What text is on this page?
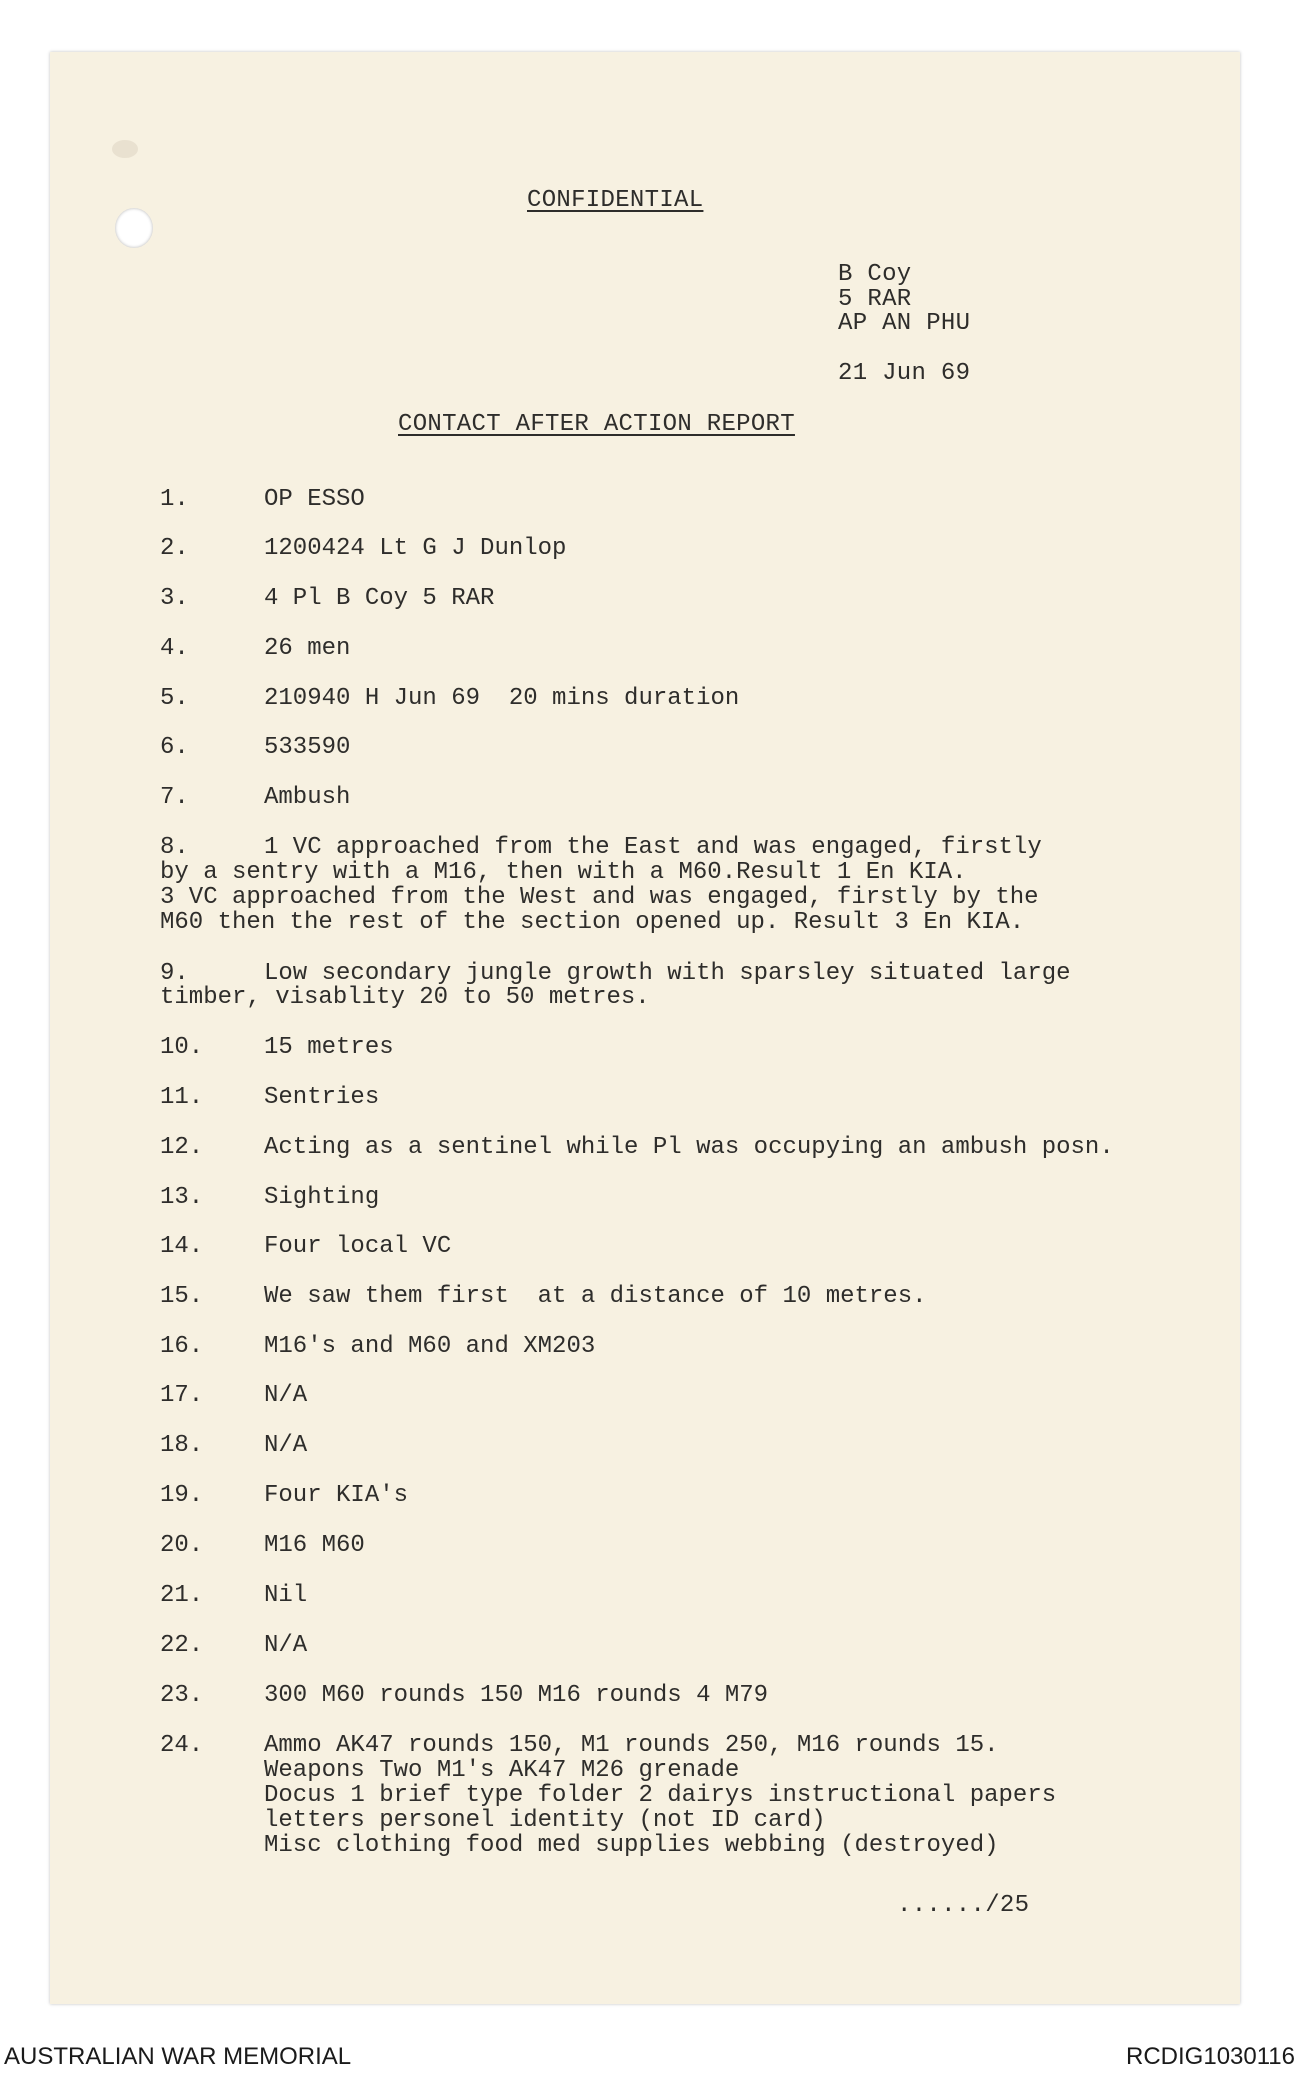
CONFIDENTIAL
B Coy
5 RAR
AP AN PHU
21 Jun 69
CONTACT AFTER ACTION REPORT
1.	OP ESSO
2.	1200424 Lt G J Dunlop
3.	4 Pl B Coy 5 RAR
4.	26 men
5.	210940 H Jun 69  20 mins duration
6.	533590
7.	Ambush
8.	1 VC approached from the East and was engaged, firstly
by a sentry with a M16, then with a M60.Result 1 En KIA.
3 VC approached from the West and was engaged, firstly by the
M60 then the rest of the section opened up. Result 3 En KIA.
9.	Low secondary jungle growth with sparsley situated large
timber, visablity 20 to 50 metres.
10.	15 metres
11.	Sentries
12.	Acting as a sentinel while Pl was occupying an ambush posn.
13.	Sighting
14.	Four local VC
15.	We saw them first  at a distance of 10 metres.
16.	M16's and M60 and XM203
17.	N/A
18.	N/A
19.	Four KIA's
20.	M16 M60
21.	Nil
22.	N/A
23.	300 M60 rounds 150 M16 rounds 4 M79
24.	Ammo AK47 rounds 150, M1 rounds 250, M16 rounds 15.
Weapons Two M1's AK47 M26 grenade
Docus 1 brief type folder 2 dairys instructional papers
letters personel identity (not ID card)
Misc clothing food med supplies webbing (destroyed)
....../25
AUSTRALIAN WAR MEMORIAL	RCDIG1030116
